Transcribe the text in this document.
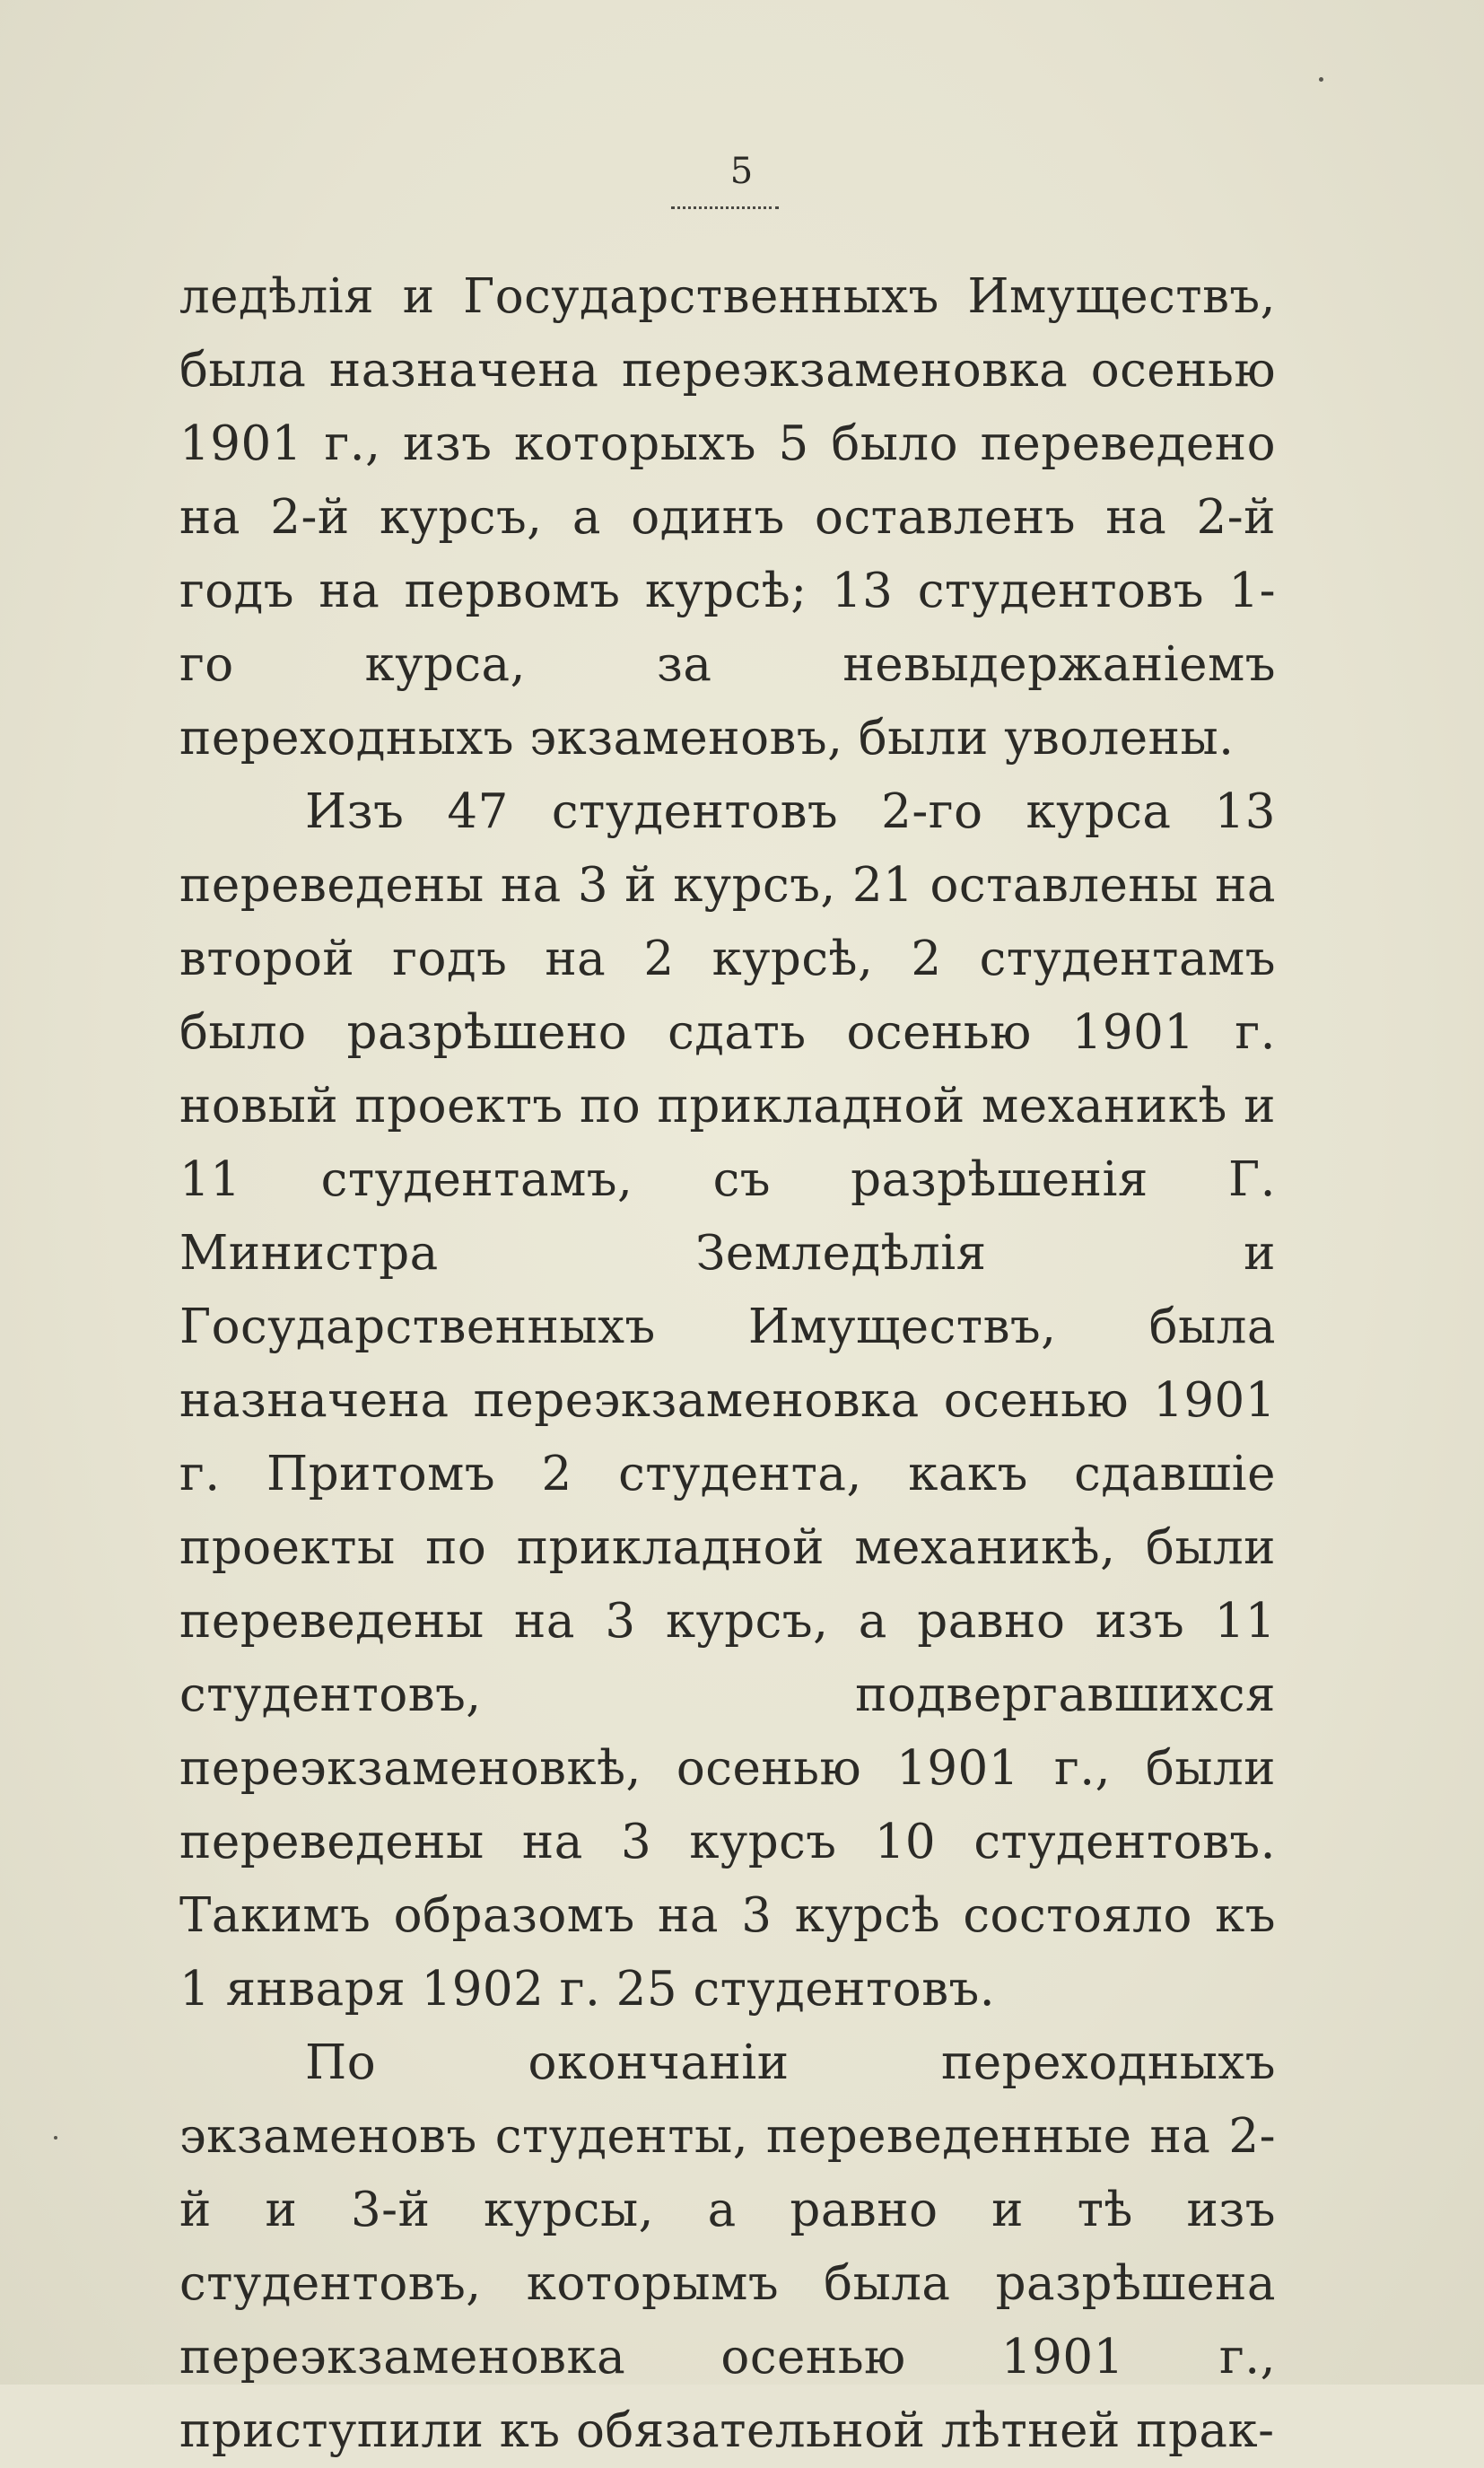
5

ледѣлія и Государственныхъ Имуществъ, была назначена переэкзаменовка осенью 1901 г., изъ которыхъ 5 было переведено на 2-й курсъ, а одинъ оставленъ на 2-й годъ на первомъ курсѣ; 13 студентовъ 1-го курса, за невыдержаніемъ переходныхъ экзаменовъ, были уволены.

Изъ 47 студентовъ 2-го курса 13 переведены на 3 й курсъ, 21 оставлены на второй годъ на 2 курсѣ, 2 студентамъ было разрѣшено сдать осенью 1901 г. новый проектъ по прикладной механикѣ и 11 студентамъ, съ разрѣшенія Г. Министра Земледѣлія и Государственныхъ Имуществъ, была назначена переэкзаменовка осенью 1901 г. Притомъ 2 студента, какъ сдавшіе проекты по прикладной механикѣ, были переведены на 3 курсъ, а равно изъ 11 студентовъ, подвергавшихся переэкзаменовкѣ, осенью 1901 г., были переведены на 3 курсъ 10 студентовъ. Такимъ образомъ на 3 курсѣ состояло къ 1 января 1902 г. 25 студентовъ.

По окончаніи переходныхъ экзаменовъ студенты, переведенные на 2-й и 3-й курсы, а равно и тѣ изъ студентовъ, которымъ была разрѣшена переэкзаменовка осенью 1901 г., приступили къ обязательной лѣтней прак-
